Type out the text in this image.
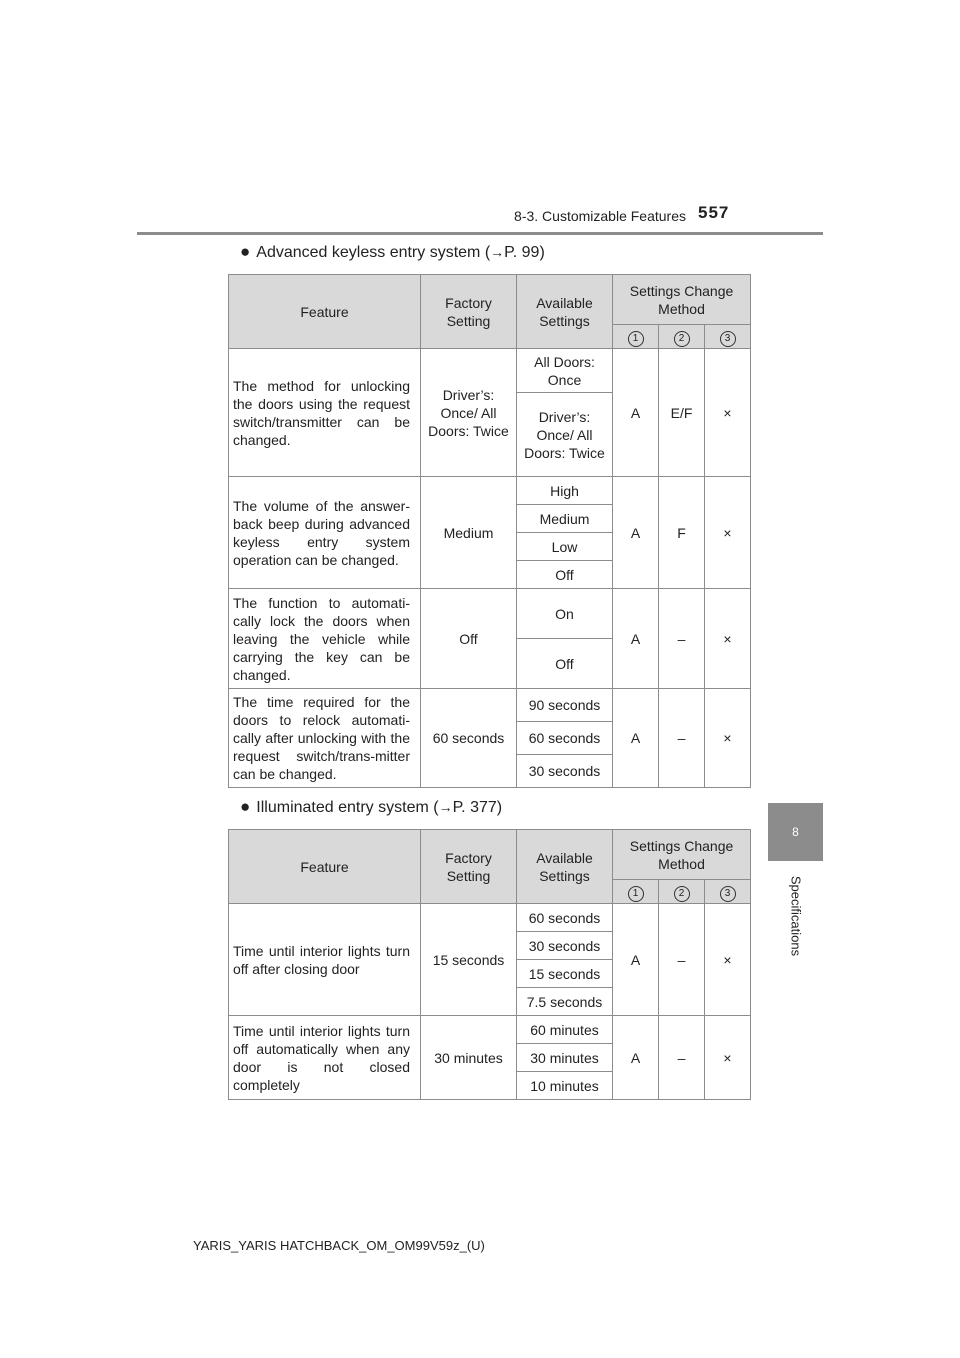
8-3. Customizable Features 557
8
Specifications
● Advanced keyless entry system (→P. 99)
Feature	Factory Setting	Available Settings	Settings Change Method		
			1	2	3
The method for unlocking the doors using the request switch/transmitter can be changed.	Driver’s: Once/ All Doors: Twice	All Doors: Once	A	E/F	×
		Driver’s: Once/ All Doors: Twice			
The volume of the answer-back beep during advanced keyless entry system operation can be changed.	Medium	High	A	F	×
		Medium			
		Low			
		Off			
The function to automati-cally lock the doors when leaving the vehicle while carrying the key can be changed.	Off	On	A	–	×
		Off			
The time required for the doors to relock automati-cally after unlocking with the request switch/trans-mitter can be changed.	60 seconds	90 seconds	A	–	×
		60 seconds			
		30 seconds			
● Illuminated entry system (→P. 377)
Feature	Factory Setting	Available Settings	Settings Change Method		
			1	2	3
Time until interior lights turn off after closing door	15 seconds	60 seconds	A	–	×
		30 seconds			
		15 seconds			
		7.5 seconds			
Time until interior lights turn off automatically when any door is not closed completely	30 minutes	60 minutes	A	–	×
		30 minutes			
		10 minutes			
YARIS_YARIS HATCHBACK_OM_OM99V59z_(U)
